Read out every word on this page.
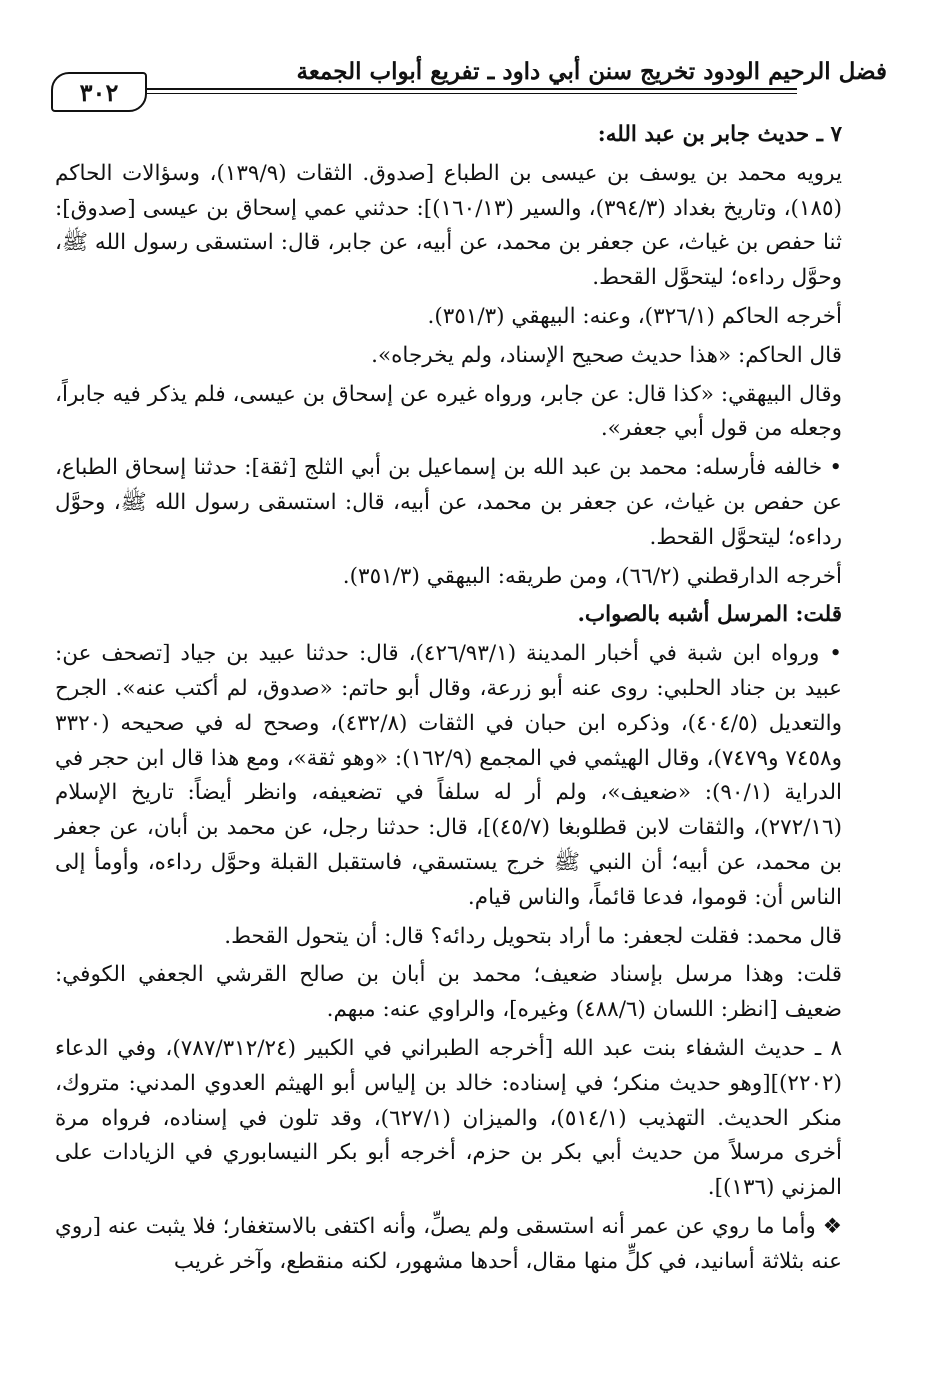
فضل الرحيم الودود تخريج سنن أبي داود ـ تفريع أبواب الجمعة
٣٠٢

٧ ـ حديث جابر بن عبد الله:

يرويه محمد بن يوسف بن عيسى بن الطباع [صدوق. الثقات (١٣٩/٩)، وسؤالات الحاكم (١٨٥)، وتاريخ بغداد (٣٩٤/٣)، والسير (١٦٠/١٣)]: حدثني عمي إسحاق بن عيسى [صدوق]: ثنا حفص بن غياث، عن جعفر بن محمد، عن أبيه، عن جابر، قال: استسقى رسول الله ﷺ، وحوَّل رداءه؛ ليتحوَّل القحط.

أخرجه الحاكم (٣٢٦/١)، وعنه: البيهقي (٣٥١/٣).

قال الحاكم: «هذا حديث صحيح الإسناد، ولم يخرجاه».

وقال البيهقي: «كذا قال: عن جابر، ورواه غيره عن إسحاق بن عيسى، فلم يذكر فيه جابراً، وجعله من قول أبي جعفر».

• خالفه فأرسله: محمد بن عبد الله بن إسماعيل بن أبي الثلج [ثقة]: حدثنا إسحاق الطباع، عن حفص بن غياث، عن جعفر بن محمد، عن أبيه، قال: استسقى رسول الله ﷺ، وحوَّل رداءه؛ ليتحوَّل القحط.

أخرجه الدارقطني (٦٦/٢)، ومن طريقه: البيهقي (٣٥١/٣).

قلت: المرسل أشبه بالصواب.

• ورواه ابن شبة في أخبار المدينة (٤٢٦/٩٣/١)، قال: حدثنا عبيد بن جياد [تصحف عن: عبيد بن جناد الحلبي: روى عنه أبو زرعة، وقال أبو حاتم: «صدوق، لم أكتب عنه». الجرح والتعديل (٤٠٤/٥)، وذكره ابن حبان في الثقات (٤٣٢/٨)، وصحح له في صحيحه (٣٣٢٠ و٧٤٥٨ و٧٤٧٩)، وقال الهيثمي في المجمع (١٦٢/٩): «وهو ثقة»، ومع هذا قال ابن حجر في الدراية (٩٠/١): «ضعيف»، ولم أر له سلفاً في تضعيفه، وانظر أيضاً: تاريخ الإسلام (٢٧٢/١٦)، والثقات لابن قطلوبغا (٤٥/٧)]، قال: حدثنا رجل، عن محمد بن أبان، عن جعفر بن محمد، عن أبيه؛ أن النبي ﷺ خرج يستسقي، فاستقبل القبلة وحوَّل رداءه، وأومأ إلى الناس أن: قوموا، فدعا قائماً، والناس قيام.

قال محمد: فقلت لجعفر: ما أراد بتحويل ردائه؟ قال: أن يتحول القحط.

قلت: وهذا مرسل بإسناد ضعيف؛ محمد بن أبان بن صالح القرشي الجعفي الكوفي: ضعيف [انظر: اللسان (٤٨٨/٦) وغيره]، والراوي عنه: مبهم.

٨ ـ حديث الشفاء بنت عبد الله [أخرجه الطبراني في الكبير (٧٨٧/٣١٢/٢٤)، وفي الدعاء (٢٢٠٢)][وهو حديث منكر؛ في إسناده: خالد بن إلياس أبو الهيثم العدوي المدني: متروك، منكر الحديث. التهذيب (٥١٤/١)، والميزان (٦٢٧/١)، وقد تلون في إسناده، فرواه مرة أخرى مرسلاً من حديث أبي بكر بن حزم، أخرجه أبو بكر النيسابوري في الزيادات على المزني (١٣٦)].

❖ وأما ما روي عن عمر أنه استسقى ولم يصلِّ، وأنه اكتفى بالاستغفار؛ فلا يثبت عنه [روي عنه بثلاثة أسانيد، في كلٍّ منها مقال، أحدها مشهور، لكنه منقطع، وآخر غريب
